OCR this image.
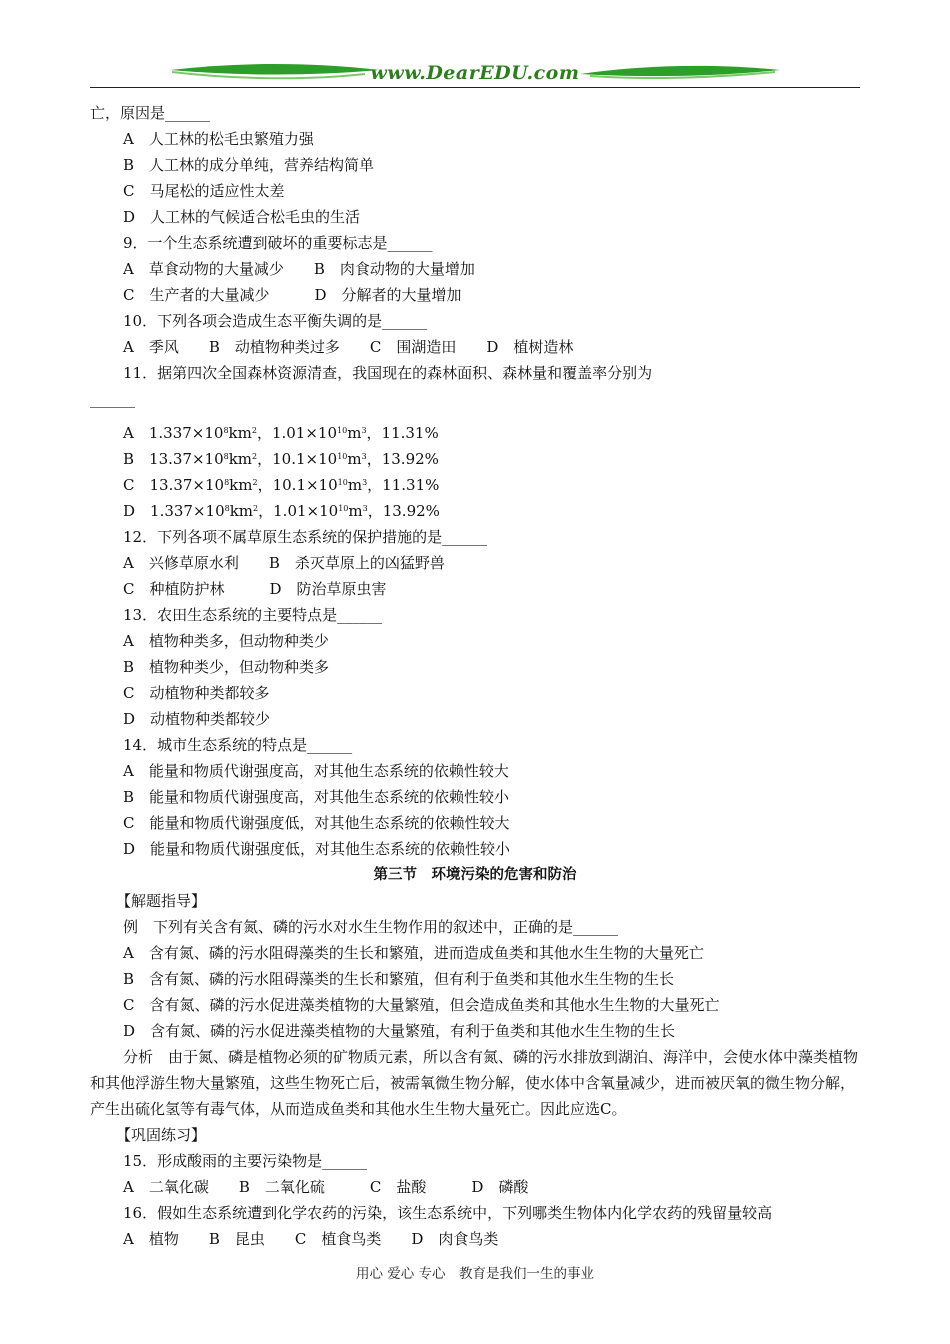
www.DearEDU.com
亡，原因是______
A　人工林的松毛虫繁殖力强
B　人工林的成分单纯，营养结构简单
C　马尾松的适应性太差
D　人工林的气候适合松毛虫的生活
9．一个生态系统遭到破坏的重要标志是______
A　草食动物的大量减少　　B　肉食动物的大量增加
C　生产者的大量减少　　　D　分解者的大量增加
10．下列各项会造成生态平衡失调的是______
A　季风　　B　动植物种类过多　　C　围湖造田　　D　植树造林
11．据第四次全国森林资源清查，我国现在的森林面积、森林量和覆盖率分别为
______
A　$1.337\times 10^8km^2$，$1.01\times 10^{10}m^3$，11.31%
B　$13.37\times 10^8km^2$，$10.1\times 10^{10}m^3$，13.92%
C　$13.37\times 10^8km^2$，$10.1\times 10^{10}m^3$，11.31%
D　$1.337\times 10^8km^2$，$1.01\times 10^{10}m^3$，13.92%
12．下列各项不属草原生态系统的保护措施的是______
A　兴修草原水利　　B　杀灭草原上的凶猛野兽
C　种植防护林　　　D　防治草原虫害
13．农田生态系统的主要特点是______
A　植物种类多，但动物种类少
B　植物种类少，但动物种类多
C　动植物种类都较多
D　动植物种类都较少
14．城市生态系统的特点是______
A　能量和物质代谢强度高，对其他生态系统的依赖性较大
B　能量和物质代谢强度高，对其他生态系统的依赖性较小
C　能量和物质代谢强度低，对其他生态系统的依赖性较大
D　能量和物质代谢强度低，对其他生态系统的依赖性较小
第三节　环境污染的危害和防治
【解题指导】
例　下列有关含有氮、磷的污水对水生生物作用的叙述中，正确的是______
A　含有氮、磷的污水阻碍藻类的生长和繁殖，进而造成鱼类和其他水生生物的大量死亡
B　含有氮、磷的污水阻碍藻类的生长和繁殖，但有利于鱼类和其他水生生物的生长
C　含有氮、磷的污水促进藻类植物的大量繁殖，但会造成鱼类和其他水生生物的大量死亡
D　含有氮、磷的污水促进藻类植物的大量繁殖，有利于鱼类和其他水生生物的生长
分析　由于氮、磷是植物必须的矿物质元素，所以含有氮、磷的污水排放到湖泊、海洋中，会使水体中藻类植物和其他浮游生物大量繁殖，这些生物死亡后，被需氧微生物分解，使水体中含氧量减少，进而被厌氧的微生物分解，产生出硫化氢等有毒气体，从而造成鱼类和其他水生生物大量死亡。因此应选C。
【巩固练习】
15．形成酸雨的主要污染物是______
A　二氧化碳　　B　二氧化硫　　　C　盐酸　　　D　磷酸
16．假如生态系统遭到化学农药的污染，该生态系统中，下列哪类生物体内化学农药的残留量较高
A　植物　　B　昆虫　　C　植食鸟类　　D　肉食鸟类
用心 爱心 专心　教育是我们一生的事业
